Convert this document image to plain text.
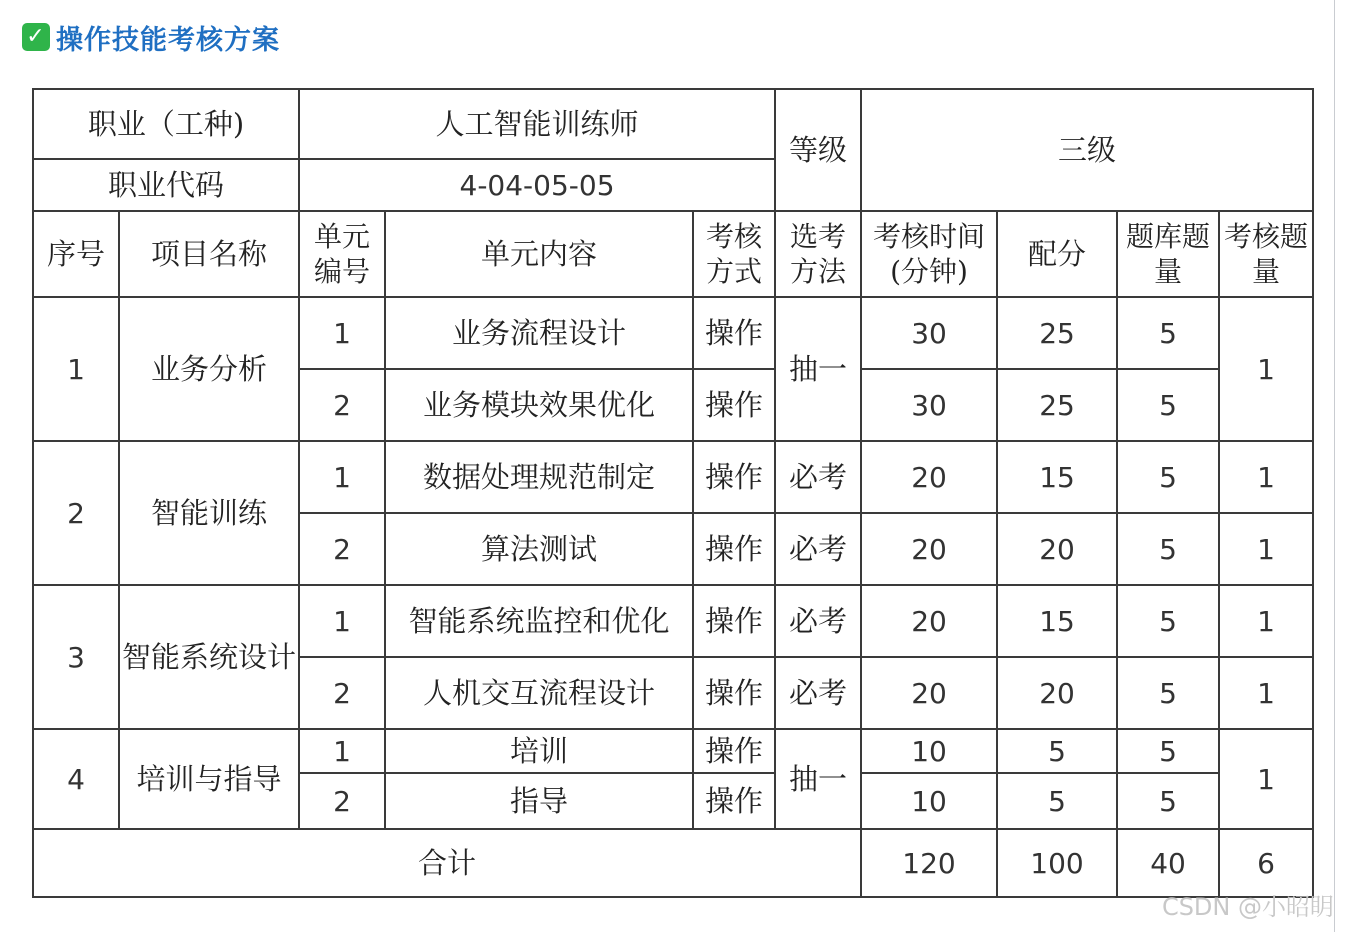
✓ 操作技能考核方案
职业（工种)		人工智能训练师			等级	三级			
职业代码		4-04-05-05							
序号	项目名称	单元编号	单元内容	考核方式	选考方法	考核时间(分钟)	配分	题库题量	考核题量
1	业务分析	1	业务流程设计	操作	抽一	30	25	5	1
		2	业务模块效果优化	操作		30	25	5	
2	智能训练	1	数据处理规范制定	操作	必考	20	15	5	1
		2	算法测试	操作	必考	20	20	5	1
3	智能系统设计	1	智能系统监控和优化	操作	必考	20	15	5	1
		2	人机交互流程设计	操作	必考	20	20	5	1
4	培训与指导	1	培训	操作	抽一	10	5	5	1
		2	指导	操作		10	5	5	
合计						120	100	40	6
CSDN @小昭眀
